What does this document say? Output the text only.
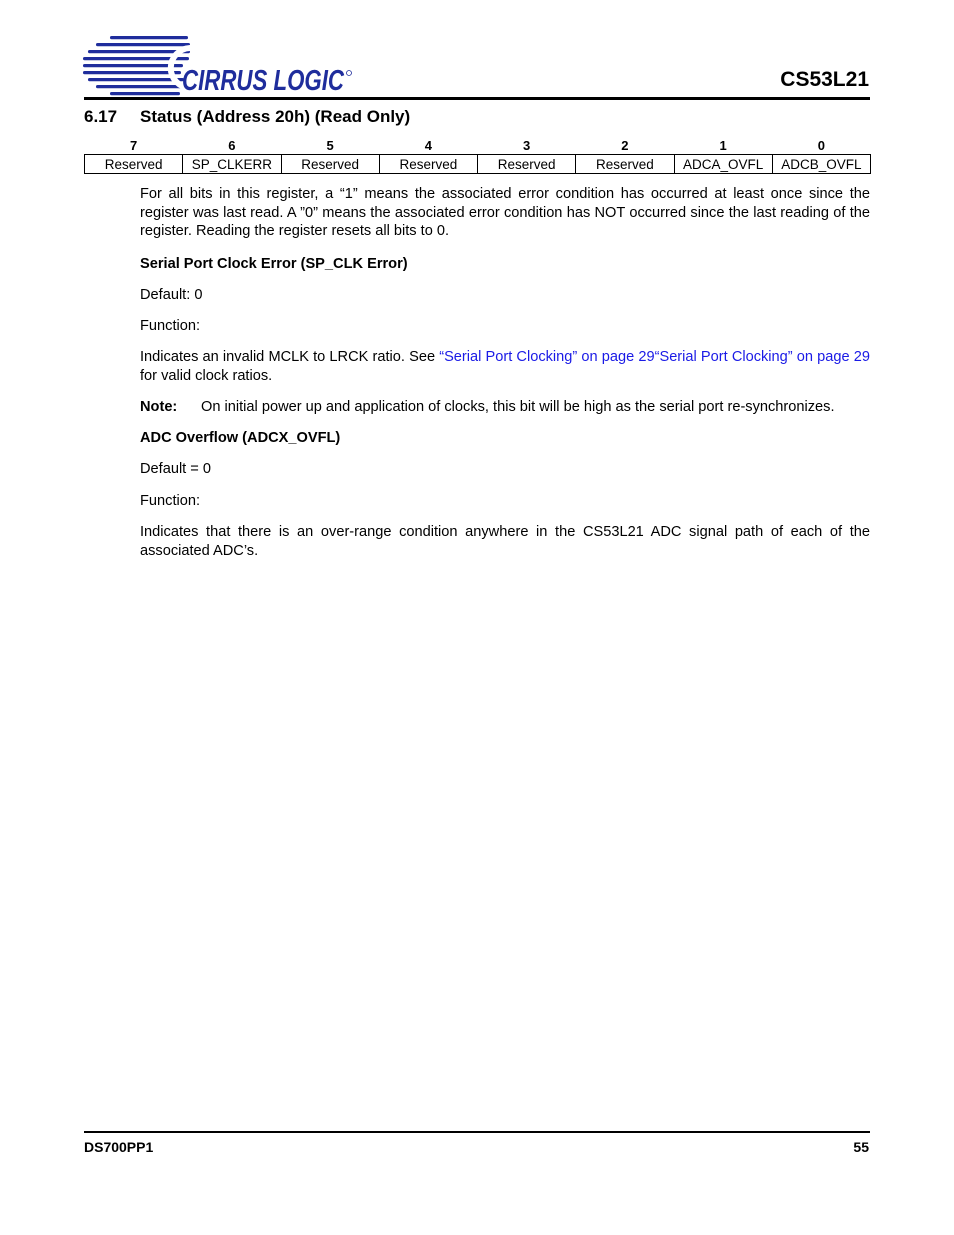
CIRRUS LOGIC	CS53L21
6.17 Status (Address 20h) (Read Only)
7	6	5	4	3	2	1	0
Reserved	SP_CLKERR	Reserved	Reserved	Reserved	Reserved	ADCA_OVFL	ADCB_OVFL
For all bits in this register, a “1” means the associated error condition has occurred at least once since the register was last read. A ”0” means the associated error condition has NOT occurred since the last reading of the register. Reading the register resets all bits to 0.
Serial Port Clock Error (SP_CLK Error)
Default: 0
Function:
Indicates an invalid MCLK to LRCK ratio. See “Serial Port Clocking” on page 29“Serial Port Clocking” on page 29 for valid clock ratios.
Note: On initial power up and application of clocks, this bit will be high as the serial port re-synchronizes.
ADC Overflow (ADCX_OVFL)
Default = 0
Function:
Indicates that there is an over-range condition anywhere in the CS53L21 ADC signal path of each of the associated ADC’s.
DS700PP1	55
